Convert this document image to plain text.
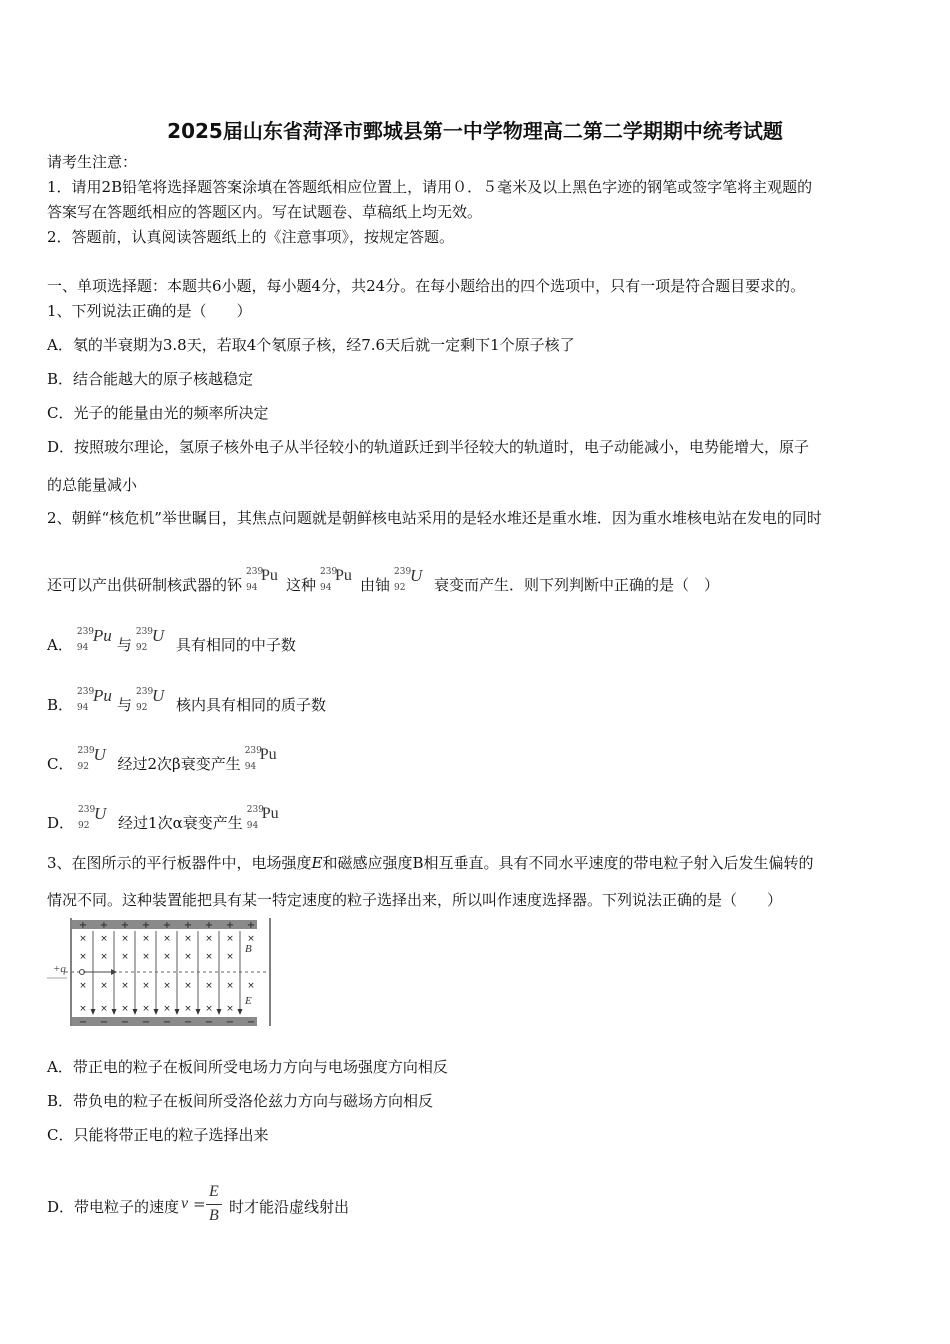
2025届山东省菏泽市鄄城县第一中学物理高二第二学期期中统考试题
请考生注意：
1．请用2B铅笔将选择题答案涂填在答题纸相应位置上，请用０．５毫米及以上黑色字迹的钢笔或签字笔将主观题的
答案写在答题纸相应的答题区内。写在试题卷、草稿纸上均无效。
2．答题前，认真阅读答题纸上的《注意事项》，按规定答题。
一、单项选择题：本题共6小题，每小题4分，共24分。在每小题给出的四个选项中，只有一项是符合题目要求的。
1、下列说法正确的是（　　）
A．氡的半衰期为3.8天，若取4个氡原子核，经7.6天后就一定剩下1个原子核了
B．结合能越大的原子核越稳定
C．光子的能量由光的频率所决定
D．按照玻尔理论，氢原子核外电子从半径较小的轨道跃迁到半径较大的轨道时，电子动能减小，电势能增大，原子
的总能量减小
2、朝鲜“核危机”举世瞩目，其焦点问题就是朝鲜核电站采用的是轻水堆还是重水堆．因为重水堆核电站在发电的同时
还可以产出供研制核武器的钚
239
94
Pu
这种
239
94
Pu
由铀
239
92
U 衰变而产生．则下列判断中正确的是（　）
A．
239
94
Pu 与
239
92
U 具有相同的中子数
B．
239
94
Pu 与
239
92
U 核内具有相同的质子数
C．
239
92
U 经过2次β衰变产生
239
94
Pu
D．
239
92
U 经过1次α衰变产生
239
94
Pu
3、在图所示的平行板器件中，电场强度E和磁感应强度B相互垂直。具有不同水平速度的带电粒子射入后发生偏转的
情况不同。这种装置能把具有某一特定速度的粒子选择出来，所以叫作速度选择器。下列说法正确的是（　　）
+ + + + + + + + +
− − − − − − − − −
×
×
×
×
×
×
×
×
×
×
×
×
×
×
×
×
×
×
×
×
×
×
×
×
×
×
×
×
×
×
×
×
×
×
+q
B
E
A．带正电的粒子在板间所受电场力方向与电场强度方向相反
B．带负电的粒子在板间所受洛伦兹力方向与磁场方向相反
C．只能将带正电的粒子选择出来
D．带电粒子的速度 v =
E
B 时才能沿虚线射出
